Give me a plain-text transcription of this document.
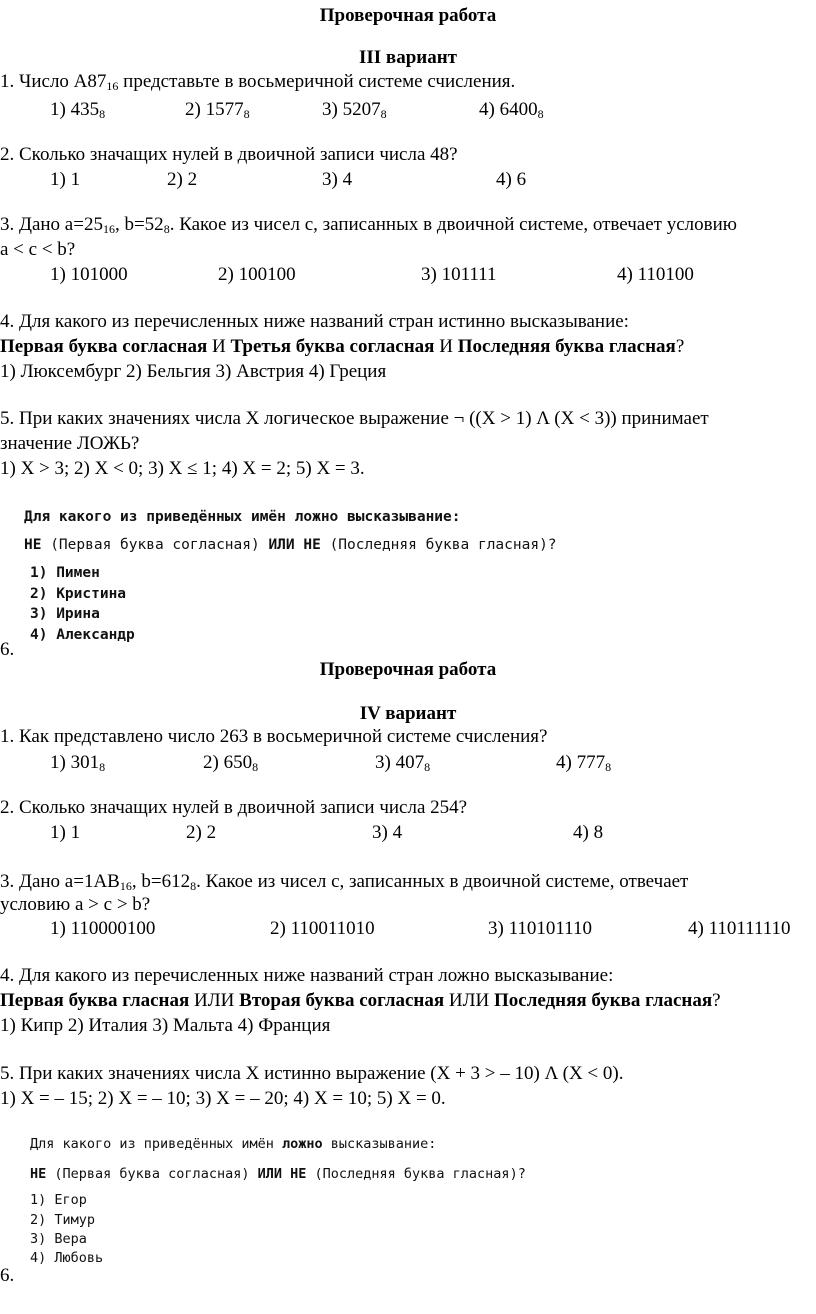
Проверочная работа
III вариант
1. Число $A87_{16}$ представьте в восьмеричной системе счисления.
1) $435_8$	2) $1577_8$	3) $5207_8$	4) $6400_8$
2. Сколько значащих нулей в двоичной записи числа 48?
1) 1	2) 2	3) 4	4) 6
3. Дано $a=25_{16}$, $b=52_8$. Какое из чисел c, записанных в двоичной системе, отвечает условию
a < c < b?
1) 101000	2) 100100	3) 101111	4) 110100
4. Для какого из перечисленных ниже названий стран истинно высказывание:
Первая буква согласная И Третья буква согласная И Последняя буква гласная?
1) Люксембург 2) Бельгия 3) Австрия 4) Греция
5. При каких значениях числа X логическое выражение ¬ ((X > 1) Λ (X < 3)) принимает
значение ЛОЖЬ?
1) X > 3; 2) X < 0; 3) X ≤ 1; 4) X = 2; 5) X = 3.
Для какого из приведённых имён ложно высказывание:
НЕ (Первая буква согласная) ИЛИ НЕ (Последняя буква гласная)?
1) Пимен
2) Кристина
3) Ирина
4) Александр
6.
Проверочная работа
IV вариант
1. Как представлено число 263 в восьмеричной системе счисления?
1) $301_8$	2) $650_8$	3) $407_8$	4) $777_8$
2. Сколько значащих нулей в двоичной записи числа 254?
1) 1	2) 2	3) 4	4) 8
3. Дано $a=1AB_{16}$, $b=612_8$. Какое из чисел c, записанных в двоичной системе, отвечает
условию a > c > b?
1) 110000100	2) 110011010	3) 110101110	4) 110111110
4. Для какого из перечисленных ниже названий стран ложно высказывание:
Первая буква гласная ИЛИ Вторая буква согласная ИЛИ Последняя буква гласная?
1) Кипр 2) Италия 3) Мальта 4) Франция
5. При каких значениях числа X истинно выражение (X + 3 > – 10) Λ (X < 0).
1) X = – 15; 2) X = – 10; 3) X = – 20; 4) X = 10; 5) X = 0.
Для какого из приведённых имён ложно высказывание:
НЕ (Первая буква согласная) ИЛИ НЕ (Последняя буква гласная)?
1) Егор
2) Тимур
3) Вера
4) Любовь
6.
